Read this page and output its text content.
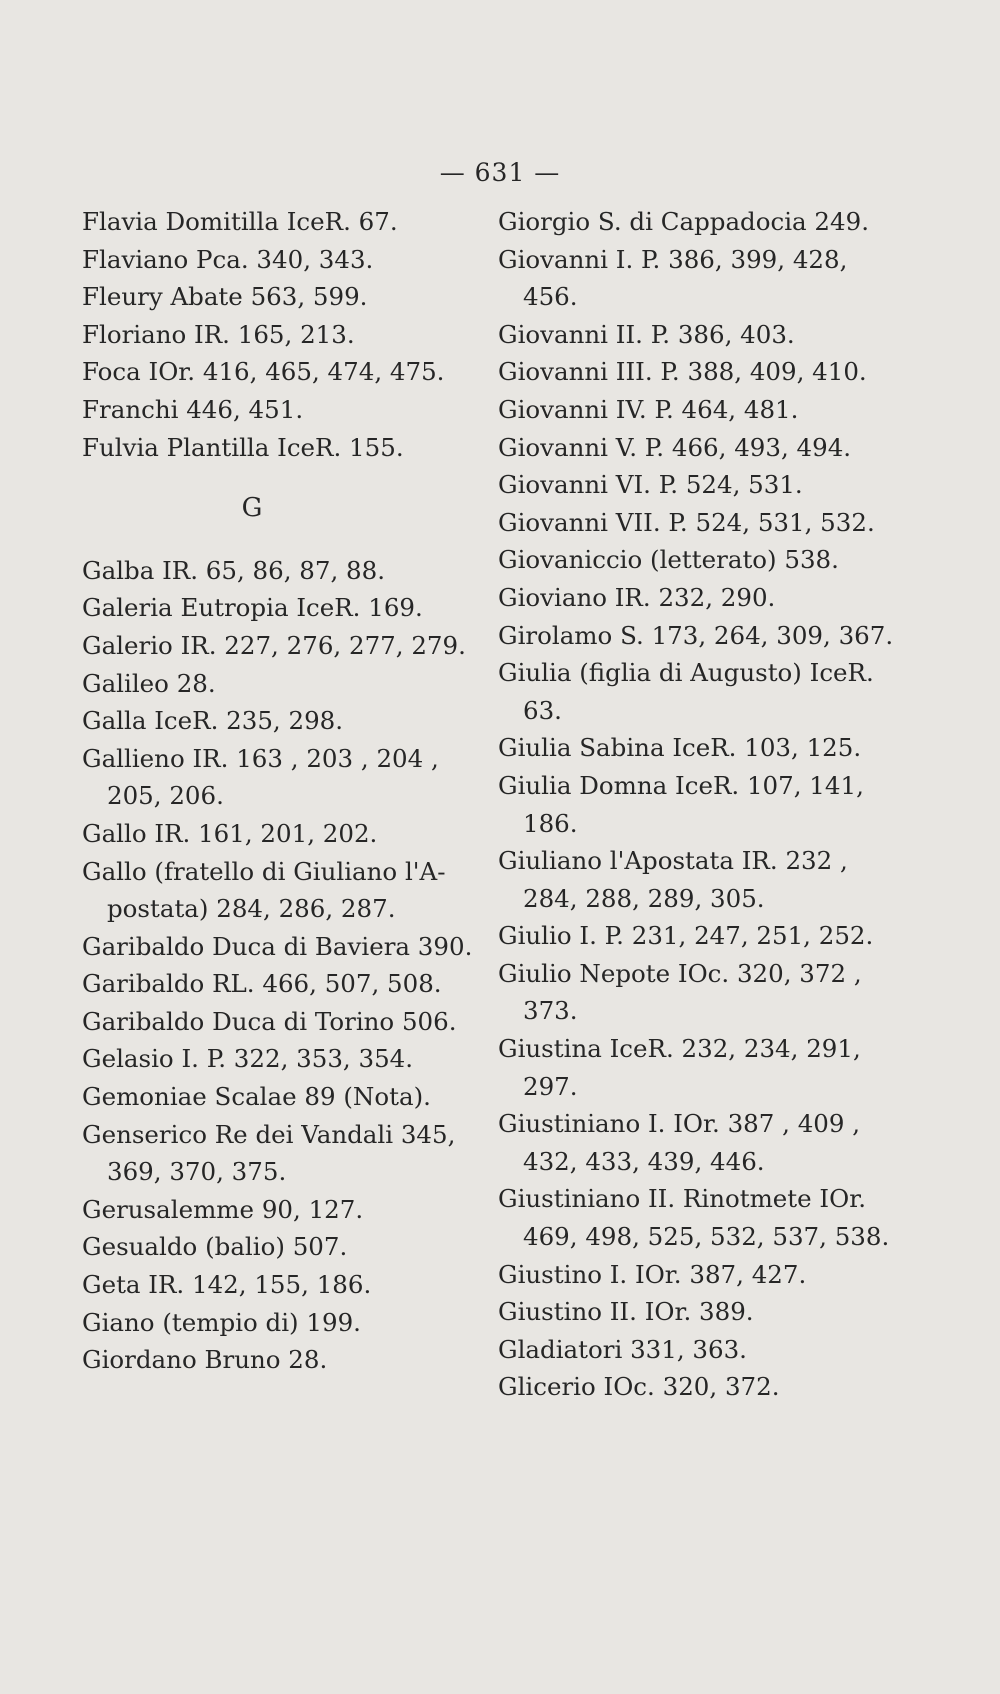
— 631 —

Flavia Domitilla IceR. 67.

Flaviano Pca. 340, 343.

Fleury Abate 563, 599.

Floriano IR. 165, 213.

Foca IOr. 416, 465, 474, 475.

Franchi 446, 451.

Fulvia Plantilla IceR. 155.

G

Galba IR. 65, 86, 87, 88.

Galeria Eutropia IceR. 169.

Galerio IR. 227, 276, 277, 279.

Galileo 28.

Galla IceR. 235, 298.

Gallieno IR. 163 , 203 , 204 , 205, 206.

Gallo IR. 161, 201, 202.

Gallo (fratello di Giuliano l'A-postata) 284, 286, 287.

Garibaldo Duca di Baviera 390.

Garibaldo RL. 466, 507, 508.

Garibaldo Duca di Torino 506.

Gelasio I. P. 322, 353, 354.

Gemoniae Scalae 89 (Nota).

Genserico Re dei Vandali 345, 369, 370, 375.

Gerusalemme 90, 127.

Gesualdo (balio) 507.

Geta IR. 142, 155, 186.

Giano (tempio di) 199.

Giordano Bruno 28.

Giorgio S. di Cappadocia 249.

Giovanni I. P. 386, 399, 428, 456.

Giovanni II. P. 386, 403.

Giovanni III. P. 388, 409, 410.

Giovanni IV. P. 464, 481.

Giovanni V. P. 466, 493, 494.

Giovanni VI. P. 524, 531.

Giovanni VII. P. 524, 531, 532.

Giovaniccio (letterato) 538.

Gioviano IR. 232, 290.

Girolamo S. 173, 264, 309, 367.

Giulia (figlia di Augusto) IceR. 63.

Giulia Sabina IceR. 103, 125.

Giulia Domna IceR. 107, 141, 186.

Giuliano l'Apostata IR. 232 , 284, 288, 289, 305.

Giulio I. P. 231, 247, 251, 252.

Giulio Nepote IOc. 320, 372 , 373.

Giustina IceR. 232, 234, 291, 297.

Giustiniano I. IOr. 387 , 409 , 432, 433, 439, 446.

Giustiniano II. Rinotmete IOr. 469, 498, 525, 532, 537, 538.

Giustino I. IOr. 387, 427.

Giustino II. IOr. 389.

Gladiatori 331, 363.

Glicerio IOc. 320, 372.
